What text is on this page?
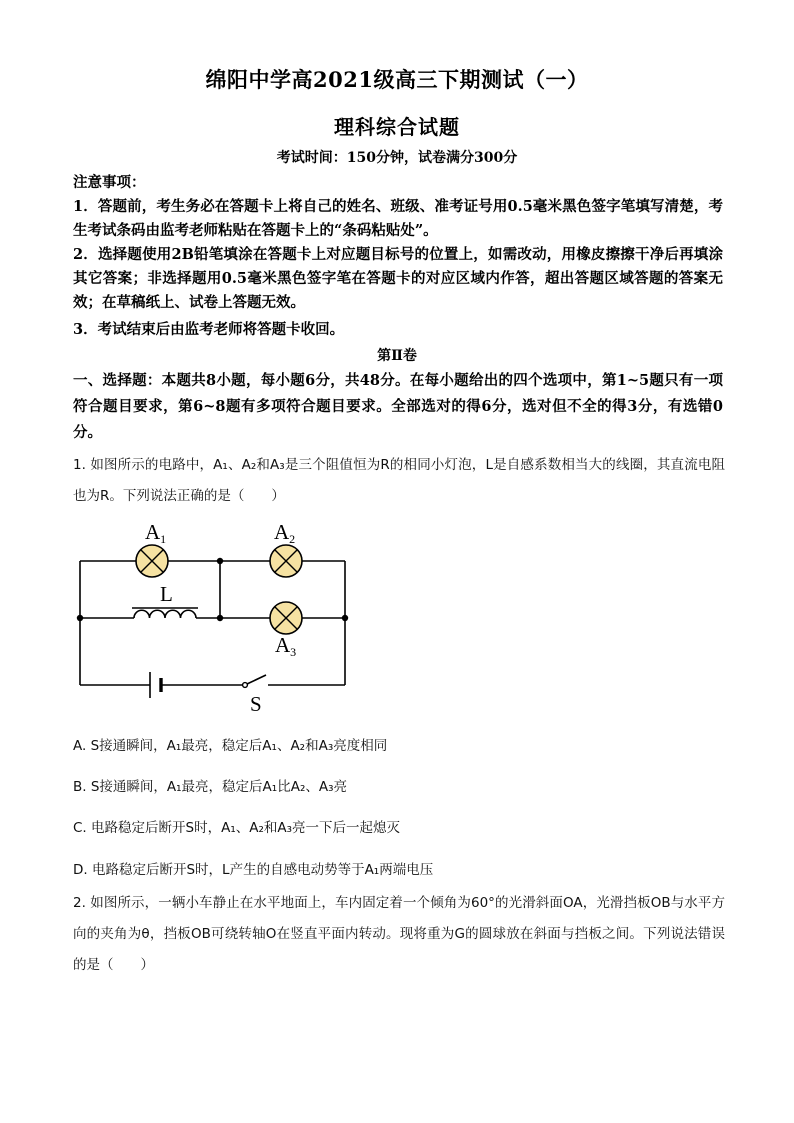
绵阳中学高2021级高三下期测试（一）
理科综合试题
考试时间：150分钟，试卷满分300分
注意事项：
1．答题前，考生务必在答题卡上将自己的姓名、班级、准考证号用0.5毫米黑色签字笔填写清楚，考生考试条码由监考老师粘贴在答题卡上的“条码粘贴处”。
2．选择题使用2B铅笔填涂在答题卡上对应题目标号的位置上，如需改动，用橡皮擦擦干净后再填涂其它答案；非选择题用0.5毫米黑色签字笔在答题卡的对应区域内作答，超出答题区域答题的答案无效；在草稿纸上、试卷上答题无效。
3．考试结束后由监考老师将答题卡收回。
第Ⅱ卷
一、选择题：本题共8小题，每小题6分，共48分。在每小题给出的四个选项中，第1~5题只有一项符合题目要求，第6~8题有多项符合题目要求。全部选对的得6分，选对但不全的得3分，有选错0分。
1. 如图所示的电路中，A₁、A₂和A₃是三个阻值恒为R的相同小灯泡，L是自感系数相当大的线圈，其直流电阻也为R。下列说法正确的是（　　）
A1	A2
A3
L
S
A. S接通瞬间，A₁最亮，稳定后A₁、A₂和A₃亮度相同
B. S接通瞬间，A₁最亮，稳定后A₁比A₂、A₃亮
C. 电路稳定后断开S时，A₁、A₂和A₃亮一下后一起熄灭
D. 电路稳定后断开S时，L产生的自感电动势等于A₁两端电压
2. 如图所示，一辆小车静止在水平地面上，车内固定着一个倾角为60°的光滑斜面OA，光滑挡板OB与水平方向的夹角为θ，挡板OB可绕转轴O在竖直平面内转动。现将重为G的圆球放在斜面与挡板之间。下列说法错误的是（　　）
